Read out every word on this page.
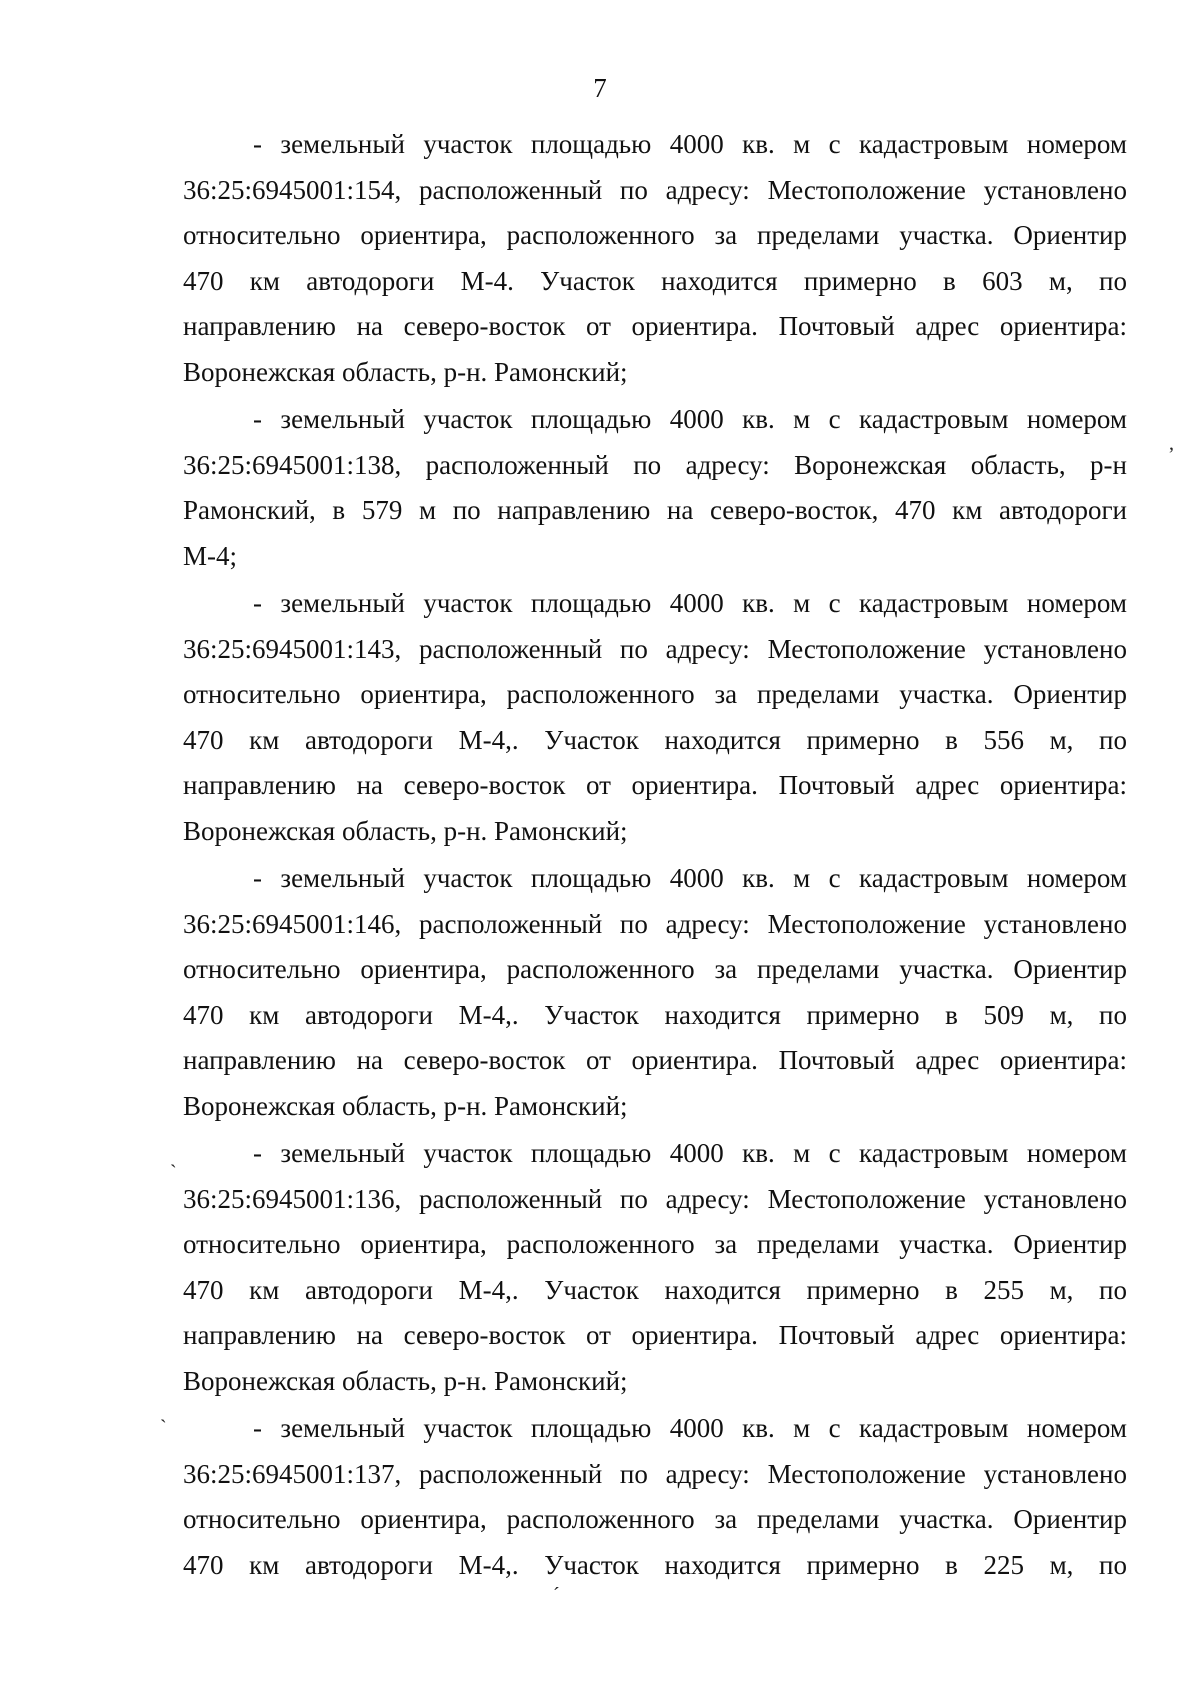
7
- земельный участок площадью 4000 кв. м с кадастровым номером
36:25:6945001:154, расположенный по адресу: Местоположение установлено
относительно ориентира, расположенного за пределами участка. Ориентир
470 км автодороги М-4. Участок находится примерно в 603 м, по
направлению на северо-восток от ориентира. Почтовый адрес ориентира:
Воронежская область, р-н. Рамонский;
- земельный участок площадью 4000 кв. м с кадастровым номером
36:25:6945001:138, расположенный по адресу: Воронежская область, р-н
Рамонский, в 579 м по направлению на северо-восток, 470 км автодороги
М-4;
- земельный участок площадью 4000 кв. м с кадастровым номером
36:25:6945001:143, расположенный по адресу: Местоположение установлено
относительно ориентира, расположенного за пределами участка. Ориентир
470 км автодороги М-4,. Участок находится примерно в 556 м, по
направлению на северо-восток от ориентира. Почтовый адрес ориентира:
Воронежская область, р-н. Рамонский;
- земельный участок площадью 4000 кв. м с кадастровым номером
36:25:6945001:146, расположенный по адресу: Местоположение установлено
относительно ориентира, расположенного за пределами участка. Ориентир
470 км автодороги М-4,. Участок находится примерно в 509 м, по
направлению на северо-восток от ориентира. Почтовый адрес ориентира:
Воронежская область, р-н. Рамонский;
- земельный участок площадью 4000 кв. м с кадастровым номером
36:25:6945001:136, расположенный по адресу: Местоположение установлено
относительно ориентира, расположенного за пределами участка. Ориентир
470 км автодороги М-4,. Участок находится примерно в 255 м, по
направлению на северо-восток от ориентира. Почтовый адрес ориентира:
Воронежская область, р-н. Рамонский;
- земельный участок площадью 4000 кв. м с кадастровым номером
36:25:6945001:137, расположенный по адресу: Местоположение установлено
относительно ориентира, расположенного за пределами участка. Ориентир
470 км автодороги М-4,. Участок находится примерно в 225 м, по
ʼ
ˏ
ˏ
ˊ
